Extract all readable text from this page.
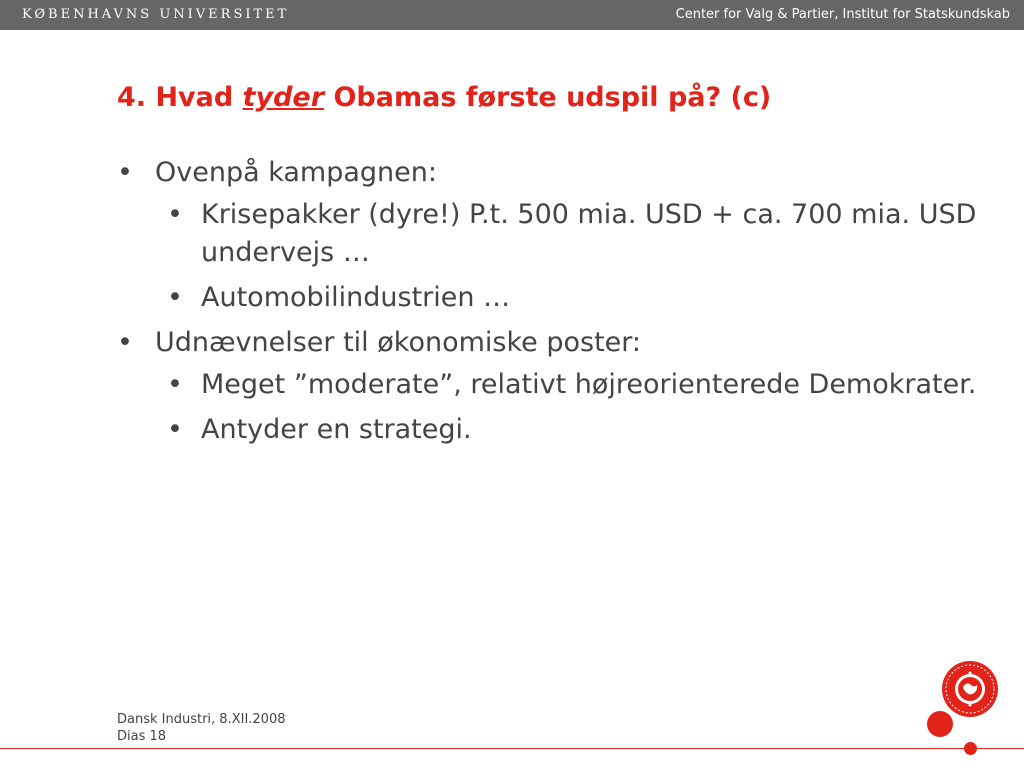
KØBENHAVNS UNIVERSITET	Center for Valg & Partier, Institut for Statskundskab
4. Hvad tyder Obamas første udspil på? (c)
• Ovenpå kampagnen:
• Krisepakker (dyre!) P.t. 500 mia. USD + ca. 700 mia. USD undervejs …
• Automobilindustrien …
• Udnævnelser til økonomiske poster:
• Meget ”moderate”, relativt højreorienterede Demokrater.
• Antyder en strategi.
Dansk Industri, 8.XII.2008
Dias 18
